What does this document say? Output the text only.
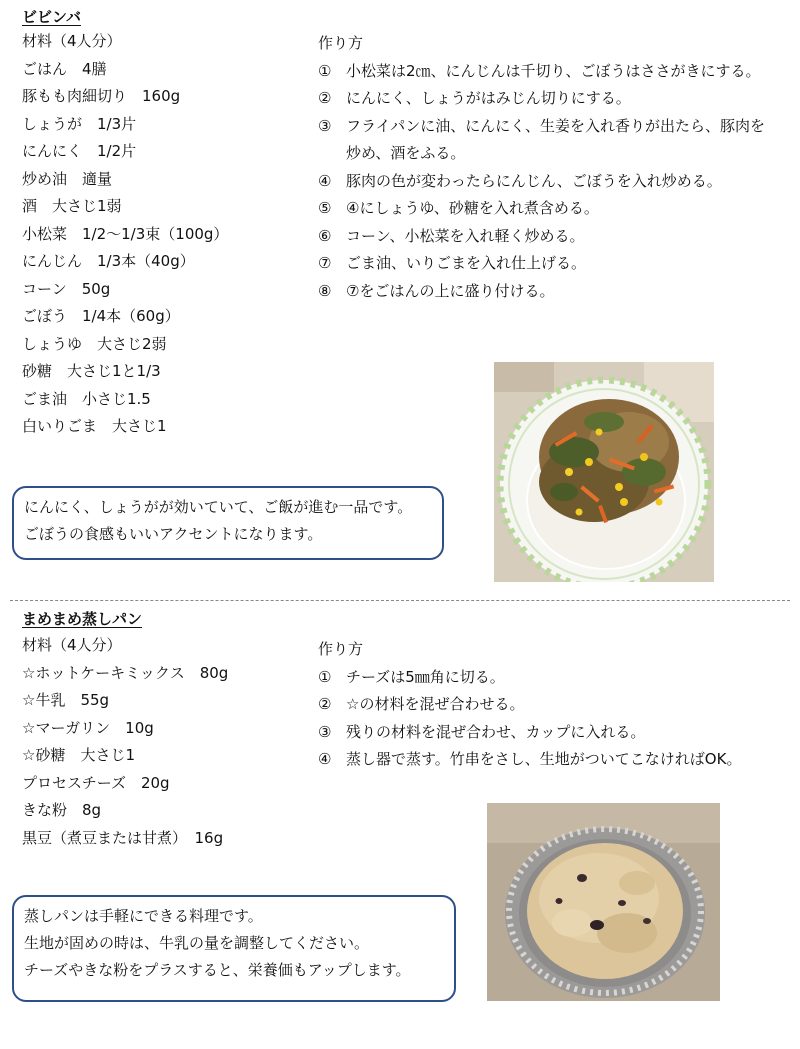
ビビンバ
材料（4人分）
ごはん　4膳
豚もも肉細切り　160g
しょうが　1/3片
にんにく　1/2片
炒め油　適量
酒　大さじ1弱
小松菜　1/2～1/3束（100g）
にんじん　1/3本（40g）
コーン　50g
ごぼう　1/4本（60g）
しょうゆ　大さじ2弱
砂糖　大さじ1と1/3
ごま油　小さじ1.5
白いりごま　大さじ1
作り方
① 小松菜は2㎝、にんじんは千切り、ごぼうはささがきにする。
② にんにく、しょうがはみじん切りにする。
③ フライパンに油、にんにく、生姜を入れ香りが出たら、豚肉を炒め、酒をふる。
④ 豚肉の色が変わったらにんじん、ごぼうを入れ炒める。
⑤ ④にしょうゆ、砂糖を入れ煮含める。
⑥ コーン、小松菜を入れ軽く炒める。
⑦ ごま油、いりごまを入れ仕上げる。
⑧ ⑦をごはんの上に盛り付ける。
にんにく、しょうがが効いていて、ご飯が進む一品です。
ごぼうの食感もいいアクセントになります。
まめまめ蒸しパン
材料（4人分）
☆ホットケーキミックス　80g
☆牛乳　55g
☆マーガリン　10g
☆砂糖　大さじ1
プロセスチーズ　20g
きな粉　8g
黒豆（煮豆または甘煮）　16g
作り方
① チーズは5㎜角に切る。
② ☆の材料を混ぜ合わせる。
③ 残りの材料を混ぜ合わせ、カップに入れる。
④ 蒸し器で蒸す。竹串をさし、生地がついてこなければOK。
蒸しパンは手軽にできる料理です。
生地が固めの時は、牛乳の量を調整してください。
チーズやきな粉をプラスすると、栄養価もアップします。
